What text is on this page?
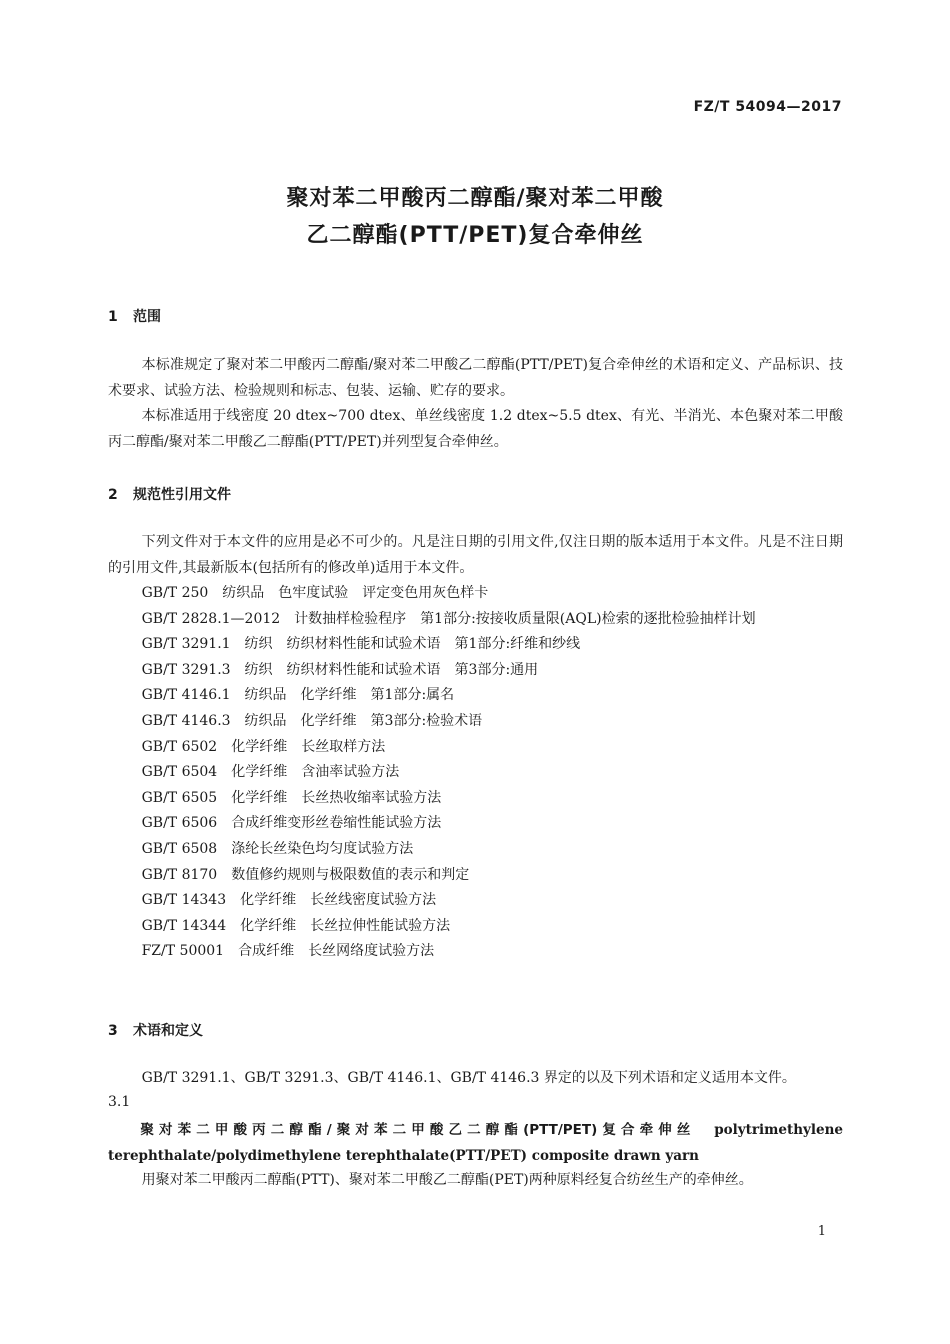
FZ/T 54094—2017
聚对苯二甲酸丙二醇酯/聚对苯二甲酸
乙二醇酯(PTT/PET)复合牵伸丝
1 范围

本标准规定了聚对苯二甲酸丙二醇酯/聚对苯二甲酸乙二醇酯(PTT/PET)复合牵伸丝的术语和定义、产品标识、技术要求、试验方法、检验规则和标志、包装、运输、贮存的要求。

本标准适用于线密度 20 dtex~700 dtex、单丝线密度 1.2 dtex~5.5 dtex、有光、半消光、本色聚对苯二甲酸丙二醇酯/聚对苯二甲酸乙二醇酯(PTT/PET)并列型复合牵伸丝。

2 规范性引用文件

下列文件对于本文件的应用是必不可少的。凡是注日期的引用文件,仅注日期的版本适用于本文件。凡是不注日期的引用文件,其最新版本(包括所有的修改单)适用于本文件。

GB/T 250　纺织品　色牢度试验　评定变色用灰色样卡
GB/T 2828.1—2012　计数抽样检验程序　第1部分:按接收质量限(AQL)检索的逐批检验抽样计划
GB/T 3291.1　纺织　纺织材料性能和试验术语　第1部分:纤维和纱线
GB/T 3291.3　纺织　纺织材料性能和试验术语　第3部分:通用
GB/T 4146.1　纺织品　化学纤维　第1部分:属名
GB/T 4146.3　纺织品　化学纤维　第3部分:检验术语
GB/T 6502　化学纤维　长丝取样方法
GB/T 6504　化学纤维　含油率试验方法
GB/T 6505　化学纤维　长丝热收缩率试验方法
GB/T 6506　合成纤维变形丝卷缩性能试验方法
GB/T 6508　涤纶长丝染色均匀度试验方法
GB/T 8170　数值修约规则与极限数值的表示和判定
GB/T 14343　化学纤维　长丝线密度试验方法
GB/T 14344　化学纤维　长丝拉伸性能试验方法
FZ/T 50001　合成纤维　长丝网络度试验方法
3 术语和定义

GB/T 3291.1、GB/T 3291.3、GB/T 4146.1、GB/T 4146.3 界定的以及下列术语和定义适用本文件。

3.1
聚对苯二甲酸丙二醇酯/聚对苯二甲酸乙二醇酯(PTT/PET)复合牵伸丝　 polytrimethylene terephthalate/polydimethylene terephthalate(PTT/PET) composite drawn yarn

用聚对苯二甲酸丙二醇酯(PTT)、聚对苯二甲酸乙二醇酯(PET)两种原料经复合纺丝生产的牵伸丝。

1
